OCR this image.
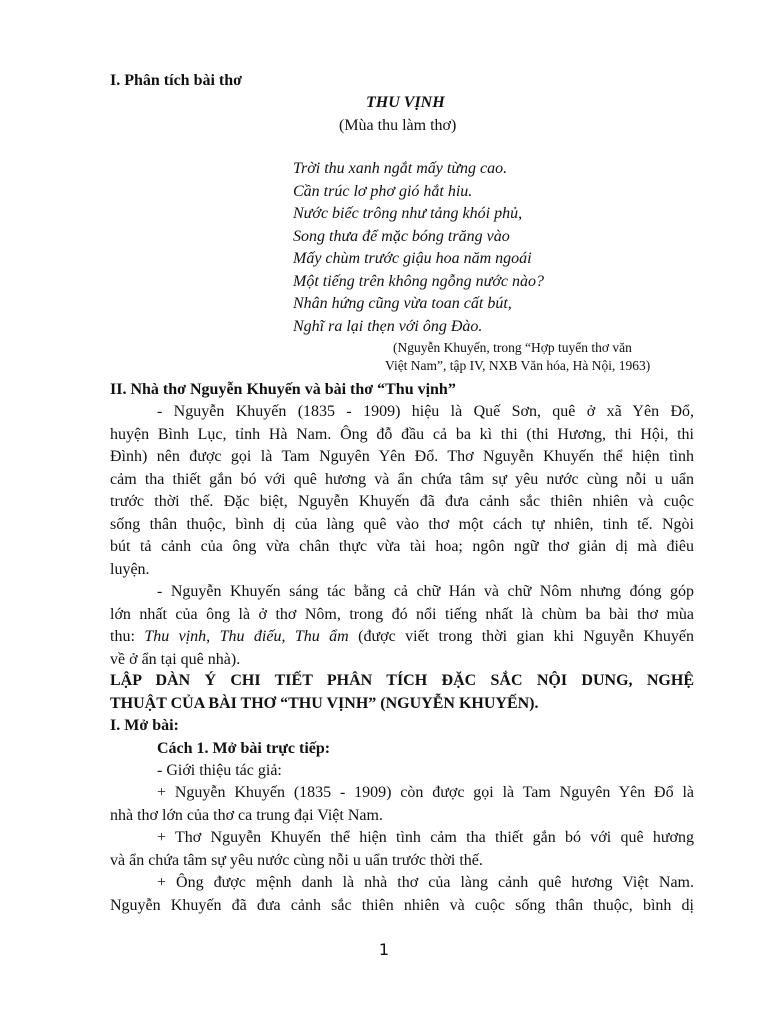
I. Phân tích bài thơ
THU VỊNH
(Mùa thu làm thơ)
Trời thu xanh ngắt mấy từng cao.
Cần trúc lơ phơ gió hắt hiu.
Nước biếc trông như tảng khói phủ,
Song thưa để mặc bóng trăng vào
Mấy chùm trước giậu hoa năm ngoái
Một tiếng trên không ngỗng nước nào?
Nhân hứng cũng vừa toan cất bút,
Nghĩ ra lại thẹn với ông Đào.
(Nguyễn Khuyến, trong “Hợp tuyển thơ văn
Việt Nam”, tập IV, NXB Văn hóa, Hà Nội, 1963)
II. Nhà thơ Nguyễn Khuyến và bài thơ “Thu vịnh”
- Nguyễn Khuyến (1835 - 1909) hiệu là Quế Sơn, quê ở xã Yên Đổ,
huyện Bình Lục, tỉnh Hà Nam. Ông đỗ đầu cả ba kì thi (thi Hương, thi Hội, thi
Đình) nên được gọi là Tam Nguyên Yên Đổ. Thơ Nguyễn Khuyến thể hiện tình
cảm tha thiết gắn bó với quê hương và ẩn chứa tâm sự yêu nước cùng nỗi u uẩn
trước thời thế. Đặc biệt, Nguyễn Khuyến đã đưa cảnh sắc thiên nhiên và cuộc
sống thân thuộc, bình dị của làng quê vào thơ một cách tự nhiên, tinh tế. Ngòi
bút tả cảnh của ông vừa chân thực vừa tài hoa; ngôn ngữ thơ giản dị mà điêu
luyện.
- Nguyễn Khuyến sáng tác bằng cả chữ Hán và chữ Nôm nhưng đóng góp
lớn nhất của ông là ở thơ Nôm, trong đó nổi tiếng nhất là chùm ba bài thơ mùa
thu: Thu vịnh, Thu điếu, Thu ẩm (được viết trong thời gian khi Nguyễn Khuyến
về ở ẩn tại quê nhà).
LẬP DÀN Ý CHI TIẾT PHÂN TÍCH ĐẶC SẮC NỘI DUNG, NGHỆ
THUẬT CỦA BÀI THƠ “THU VỊNH” (NGUYỄN KHUYẾN).
I. Mở bài:
Cách 1. Mở bài trực tiếp:
- Giới thiệu tác giả:
+ Nguyễn Khuyến (1835 - 1909) còn được gọi là Tam Nguyên Yên Đổ là
nhà thơ lớn của thơ ca trung đại Việt Nam.
+ Thơ Nguyễn Khuyến thể hiện tình cảm tha thiết gắn bó với quê hương
và ẩn chứa tâm sự yêu nước cùng nỗi u uẩn trước thời thế.
+ Ông được mệnh danh là nhà thơ của làng cảnh quê hương Việt Nam.
Nguyễn Khuyến đã đưa cảnh sắc thiên nhiên và cuộc sống thân thuộc, bình dị
1
